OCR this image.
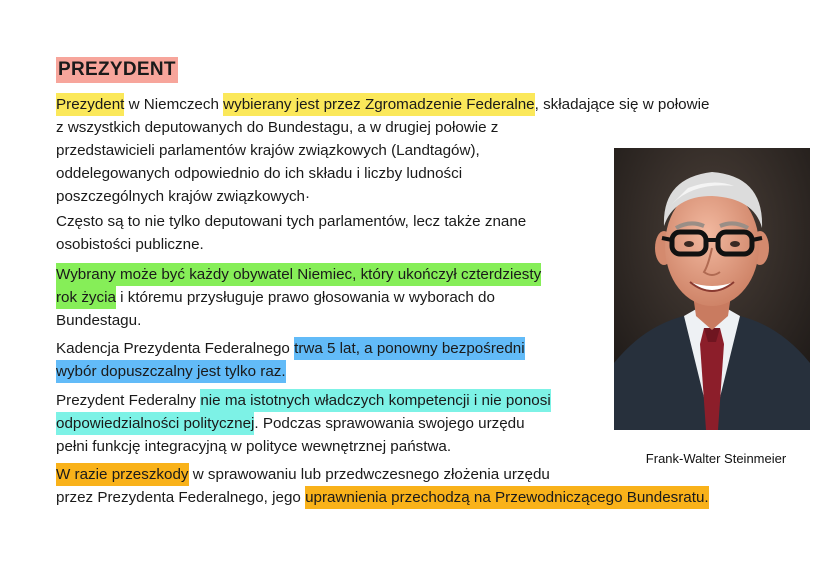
PREZYDENT
Prezydent w Niemczech wybierany jest przez Zgromadzenie Federalne, składające się w połowie
z wszystkich deputowanych do Bundestagu, a w drugiej połowie z
przedstawicieli parlamentów krajów związkowych (Landtagów),
oddelegowanych odpowiednio do ich składu i liczby ludności
poszczególnych krajów związkowych·
Często są to nie tylko deputowani tych parlamentów, lecz także znane
osobistości publiczne.
Wybrany może być każdy obywatel Niemiec, który ukończył czterdziesty
rok życia i któremu przysługuje prawo głosowania w wyborach do
Bundestagu.
Kadencja Prezydenta Federalnego trwa 5 lat, a ponowny bezpośredni
wybór dopuszczalny jest tylko raz.
Prezydent Federalny nie ma istotnych władczych kompetencji i nie ponosi
odpowiedzialności politycznej. Podczas sprawowania swojego urzędu
pełni funkcję integracyjną w polityce wewnętrznej państwa.
W razie przeszkody w sprawowaniu lub przedwczesnego złożenia urzędu
przez Prezydenta Federalnego, jego uprawnienia przechodzą na Przewodniczącego Bundesratu.
Frank-Walter Steinmeier
